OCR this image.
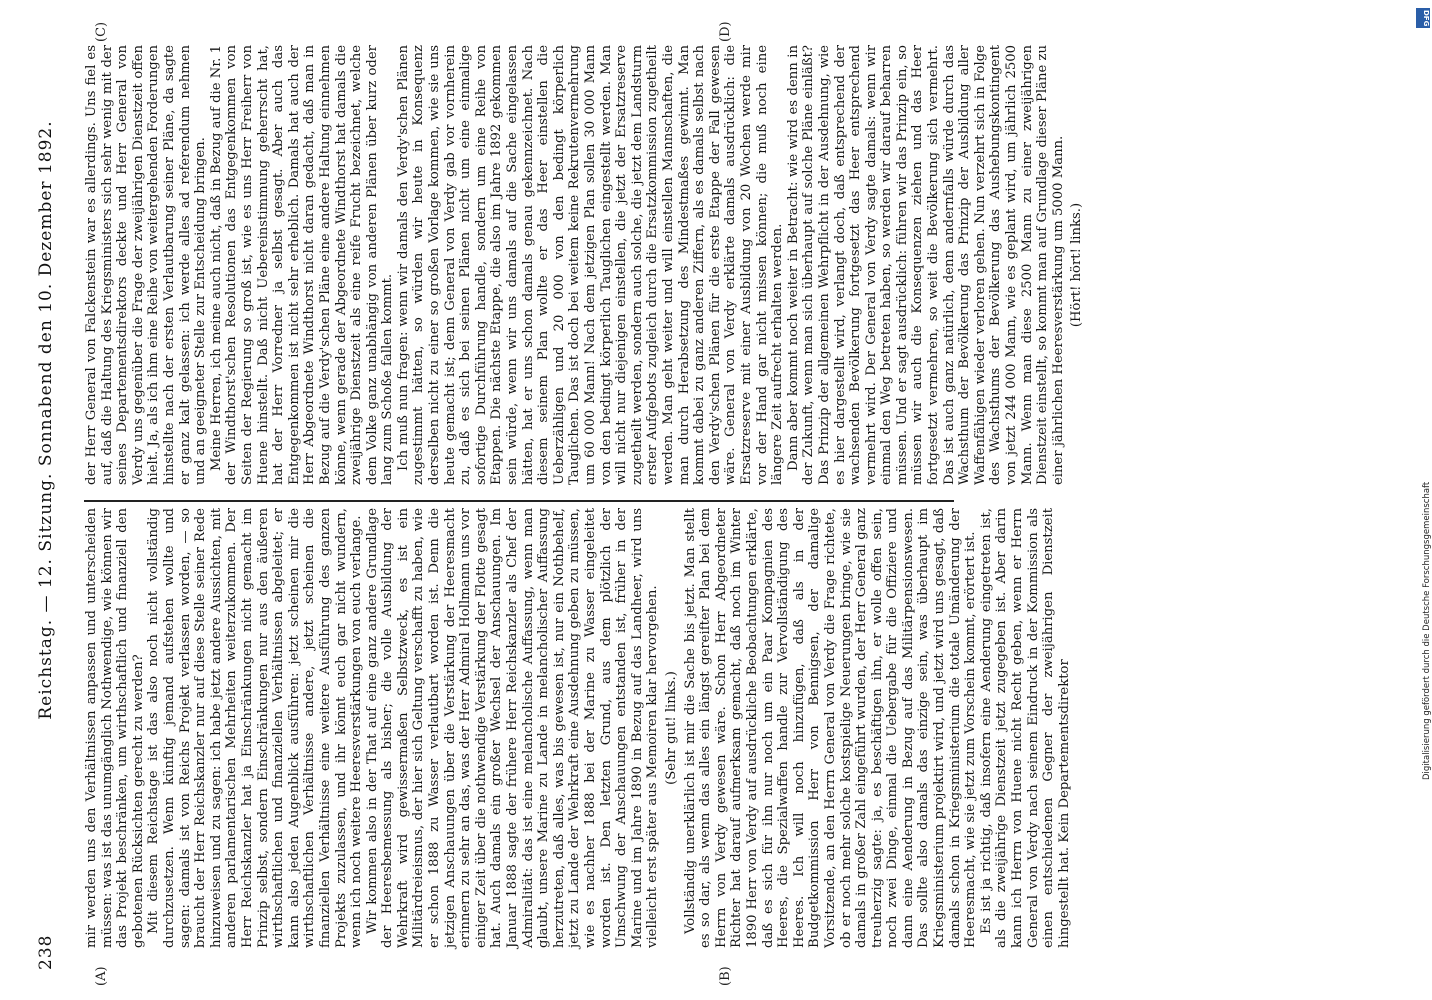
238
Reichstag. — 12. Sitzung. Sonnabend den 10. Dezember 1892.
(A)	(B)
(C)	(D)

mir werden uns den Verhältnissen anpassen und unterscheiden müssen: was ist das unumgänglich Nothwendige, wie können wir das Projekt beschränken, um wirthschaftlich und finanziell den gebotenen Rücksichten gerecht zu werden? Mit diesem Reichstage ist das also noch nicht vollständig durchzusetzen. Wenn künftig jemand aufstehen wollte und sagen: damals ist von Reichs Projekt verlassen worden, — so braucht der Herr Reichskanzler nur auf diese Stelle seiner Rede hinzuweisen und zu sagen: ich habe jetzt andere Aussichten, mit anderen parlamentarischen Mehrheiten weiterzukommen. Der Herr Reichskanzler hat ja Einschränkungen nicht gemacht im Prinzip selbst, sondern Einschränkungen nur aus den äußeren wirthschaftlichen und finanziellen Verhältnissen abgeleitet; er kann also jeden Augenblick ausführen: jetzt scheinen mir die wirthschaftlichen Verhältnisse andere, jetzt scheinen die finanziellen Verhältnisse eine weitere Ausführung des ganzen Projekts zuzulassen, und ihr könnt euch gar nicht wundern, wenn ich noch weitere Heeresverstärkungen von euch verlange. Wir kommen also in der That auf eine ganz andere Grundlage der Heeresbemessung als bisher; die volle Ausbildung der Wehrkraft wird gewissermaßen Selbstzweck, es ist ein Militärdreieismus, der hier sich Geltung verschafft zu haben, wie er schon 1888 zu Wasser verlautbart worden ist. Denn die jetzigen Anschauungen über die Verstärkung der Heeresmacht erinnern zu sehr an das, was der Herr Admiral Hollmann uns vor einiger Zeit über die nothwendige Verstärkung der Flotte gesagt hat. Auch damals ein großer Wechsel der Anschauungen. Im Januar 1888 sagte der frühere Herr Reichskanzler als Chef der Admiralität: das ist eine melancholische Auffassung, wenn man glaubt, unsere Marine zu Lande in melancholischer Auffassung herzutreten, daß alles, was bis gewesen ist, nur ein Nothbehelf, jetzt zu Lande der Wehrkraft eine Ausdehnung geben zu müssen, wie es nachher 1888 bei der Marine zu Wasser eingeleitet worden ist. Den letzten Grund, aus dem plötzlich der Umschwung der Anschauungen entstanden ist, früher in der Marine und im Jahre 1890 in Bezug auf das Landheer, wird uns vielleicht erst später aus Memoiren klar hervorgehen. (Sehr gut! links.) Vollständig unerklärlich ist mir die Sache bis jetzt. Man stellt es so dar, als wenn das alles ein längst gereifter Plan bei dem Herrn von Verdy gewesen wäre. Schon Herr Abgeordneter Richter hat darauf aufmerksam gemacht, daß noch im Winter 1890 Herr von Verdy auf ausdrückliche Beobachtungen erklärte, daß es sich für ihn nur noch um ein Paar Kompagnien des Heeres, die Spezialwaffen handle zur Vervollständigung des Heeres. Ich will noch hinzufügen, daß als in der Budgetkommission Herr von Bennigsen, der damalige Vorsitzende, an den Herrn General von Verdy die Frage richtete, ob er noch mehr solche kostspielige Neuerungen bringe, wie sie damals in großer Zahl eingeführt wurden, der Herr General ganz treuherzig sagte: ja, es beschäftigen ihn, er wolle offen sein, noch zwei Dinge, einmal die Uebergabe für die Offiziere und dann eine Aenderung in Bezug auf das Militärpensionswesen. Das sollte also damals das einzige sein, was überhaupt im Kriegsministerium projektirt wird, und jetzt wird uns gesagt, daß damals schon in Kriegsministerium die totale Umänderung der Heeresmacht, wie sie jetzt zum Vorschein kommt, erörtert ist. Es ist ja richtig, daß insofern eine Aenderung eingetreten ist, als die zweijährige Dienstzeit jetzt zugegeben ist. Aber darin kann ich Herrn von Huene nicht Recht geben, wenn er Herrn General von Verdy nach seinem Eindruck in der Kommission als einen entschiedenen Gegner der zweijährigen Dienstzeit hingestellt hat. Kein Departementsdirektor

der Herr General von Falckenstein war es allerdings. Uns fiel es auf, daß die Haltung des Kriegsministers sich sehr wenig mit der seines Departementsdirektors deckte und Herr General von Verdy uns gegenüber die Frage der zweijährigen Dienstzeit offen hielt. Ja, als ich ihm eine Reihe von weitergehenden Forderungen hinstellte nach der ersten Verlautbarung seiner Pläne, da sagte er ganz kalt gelassen: ich werde alles ad referendum nehmen und an geeigneter Stelle zur Entscheidung bringen. Meine Herren, ich meine auch nicht, daß in Bezug auf die Nr. 1 der Windthorst'schen Resolutionen das Entgegenkommen von Seiten der Regierung so groß ist, wie es uns Herr Freiherr von Huene hinstellt. Daß nicht Uebereinstimmung geherrscht hat, hat der Herr Vorredner ja selbst gesagt. Aber auch das Entgegenkommen ist nicht sehr erheblich. Damals hat auch der Herr Abgeordnete Windthorst nicht daran gedacht, daß man in Bezug auf die Verdy'schen Pläne eine andere Haltung einnehmen könne, wenn gerade der Abgeordnete Windthorst hat damals die zweijährige Dienstzeit als eine reife Frucht bezeichnet, welche dem Volke ganz unabhängig von anderen Plänen über kurz oder lang zum Schoße fallen kommt. Ich muß nun fragen: wenn wir damals den Verdy'schen Plänen zugestimmt hätten, so würden wir heute in Konsequenz derselben nicht zu einer so großen Vorlage kommen, wie sie uns heute gemacht ist; denn General von Verdy gab vor vornherein zu, daß es sich bei seinen Plänen nicht um eine einmalige sofortige Durchführung handle, sondern um eine Reihe von Etappen. Die nächste Etappe, die also im Jahre 1892 gekommen sein würde, wenn wir uns damals auf die Sache eingelassen hätten, hat er uns schon damals genau gekennzeichnet. Nach diesem seinem Plan wollte er das Heer einstellen die Ueberzähligen und 20 000 von den bedingt körperlich Tauglichen. Das ist doch bei weitem keine Rekrutenvermehrung um 60 000 Mann! Nach dem jetzigen Plan sollen 30 000 Mann von den bedingt körperlich Tauglichen eingestellt werden. Man will nicht nur diejenigen einstellen, die jetzt der Ersatzreserve zugetheilt werden, sondern auch solche, die jetzt dem Landsturm erster Aufgebots zugleich durch die Ersatzkommission zugetheilt werden. Man geht weiter und will einstellen Mannschaften, die man durch Herabsetzung des Mindestmaßes gewinnt. Man kommt dabei zu ganz anderen Ziffern, als es damals selbst nach den Verdy'schen Plänen für die erste Etappe der Fall gewesen wäre. General von Verdy erklärte damals ausdrücklich: die Ersatzreserve mit einer Ausbildung von 20 Wochen werde mir vor der Hand gar nicht missen können; die muß noch eine längere Zeit aufrecht erhalten werden. Dann aber kommt noch weiter in Betracht: wie wird es denn in der Zukunft, wenn man sich überhaupt auf solche Pläne einläßt? Das Prinzip der allgemeinen Wehrpflicht in der Ausdehnung, wie es hier dargestellt wird, verlangt doch, daß entsprechend der wachsenden Bevölkerung fortgesetzt das Heer entsprechend vermehrt wird. Der General von Verdy sagte damals: wenn wir einmal den Weg betreten haben, so werden wir darauf beharren müssen. Und er sagt ausdrücklich: führen wir das Prinzip ein, so müssen wir auch die Konsequenzen ziehen und das Heer fortgesetzt vermehren, so weit die Bevölkerung sich vermehrt. Das ist auch ganz natürlich, denn andernfalls würde durch das Wachsthum der Bevölkerung das Prinzip der Ausbildung aller Waffenfähigen wieder verloren gehen. Nun verzehrt sich in Folge des Wachsthums der Bevölkerung das Aushebungskontingent von jetzt 244 000 Mann, wie es geplant wird, um jährlich 2500 Mann. Wenn man diese 2500 Mann zu einer zweijährigen Dienstzeit einstellt, so kommt man auf Grundlage dieser Pläne zu einer jährlichen Heeresverstärkung um 5000 Mann. (Hört! hört! links.)

DFG
Digitalisierung gefördert durch die Deutsche Forschungsgemeinschaft
